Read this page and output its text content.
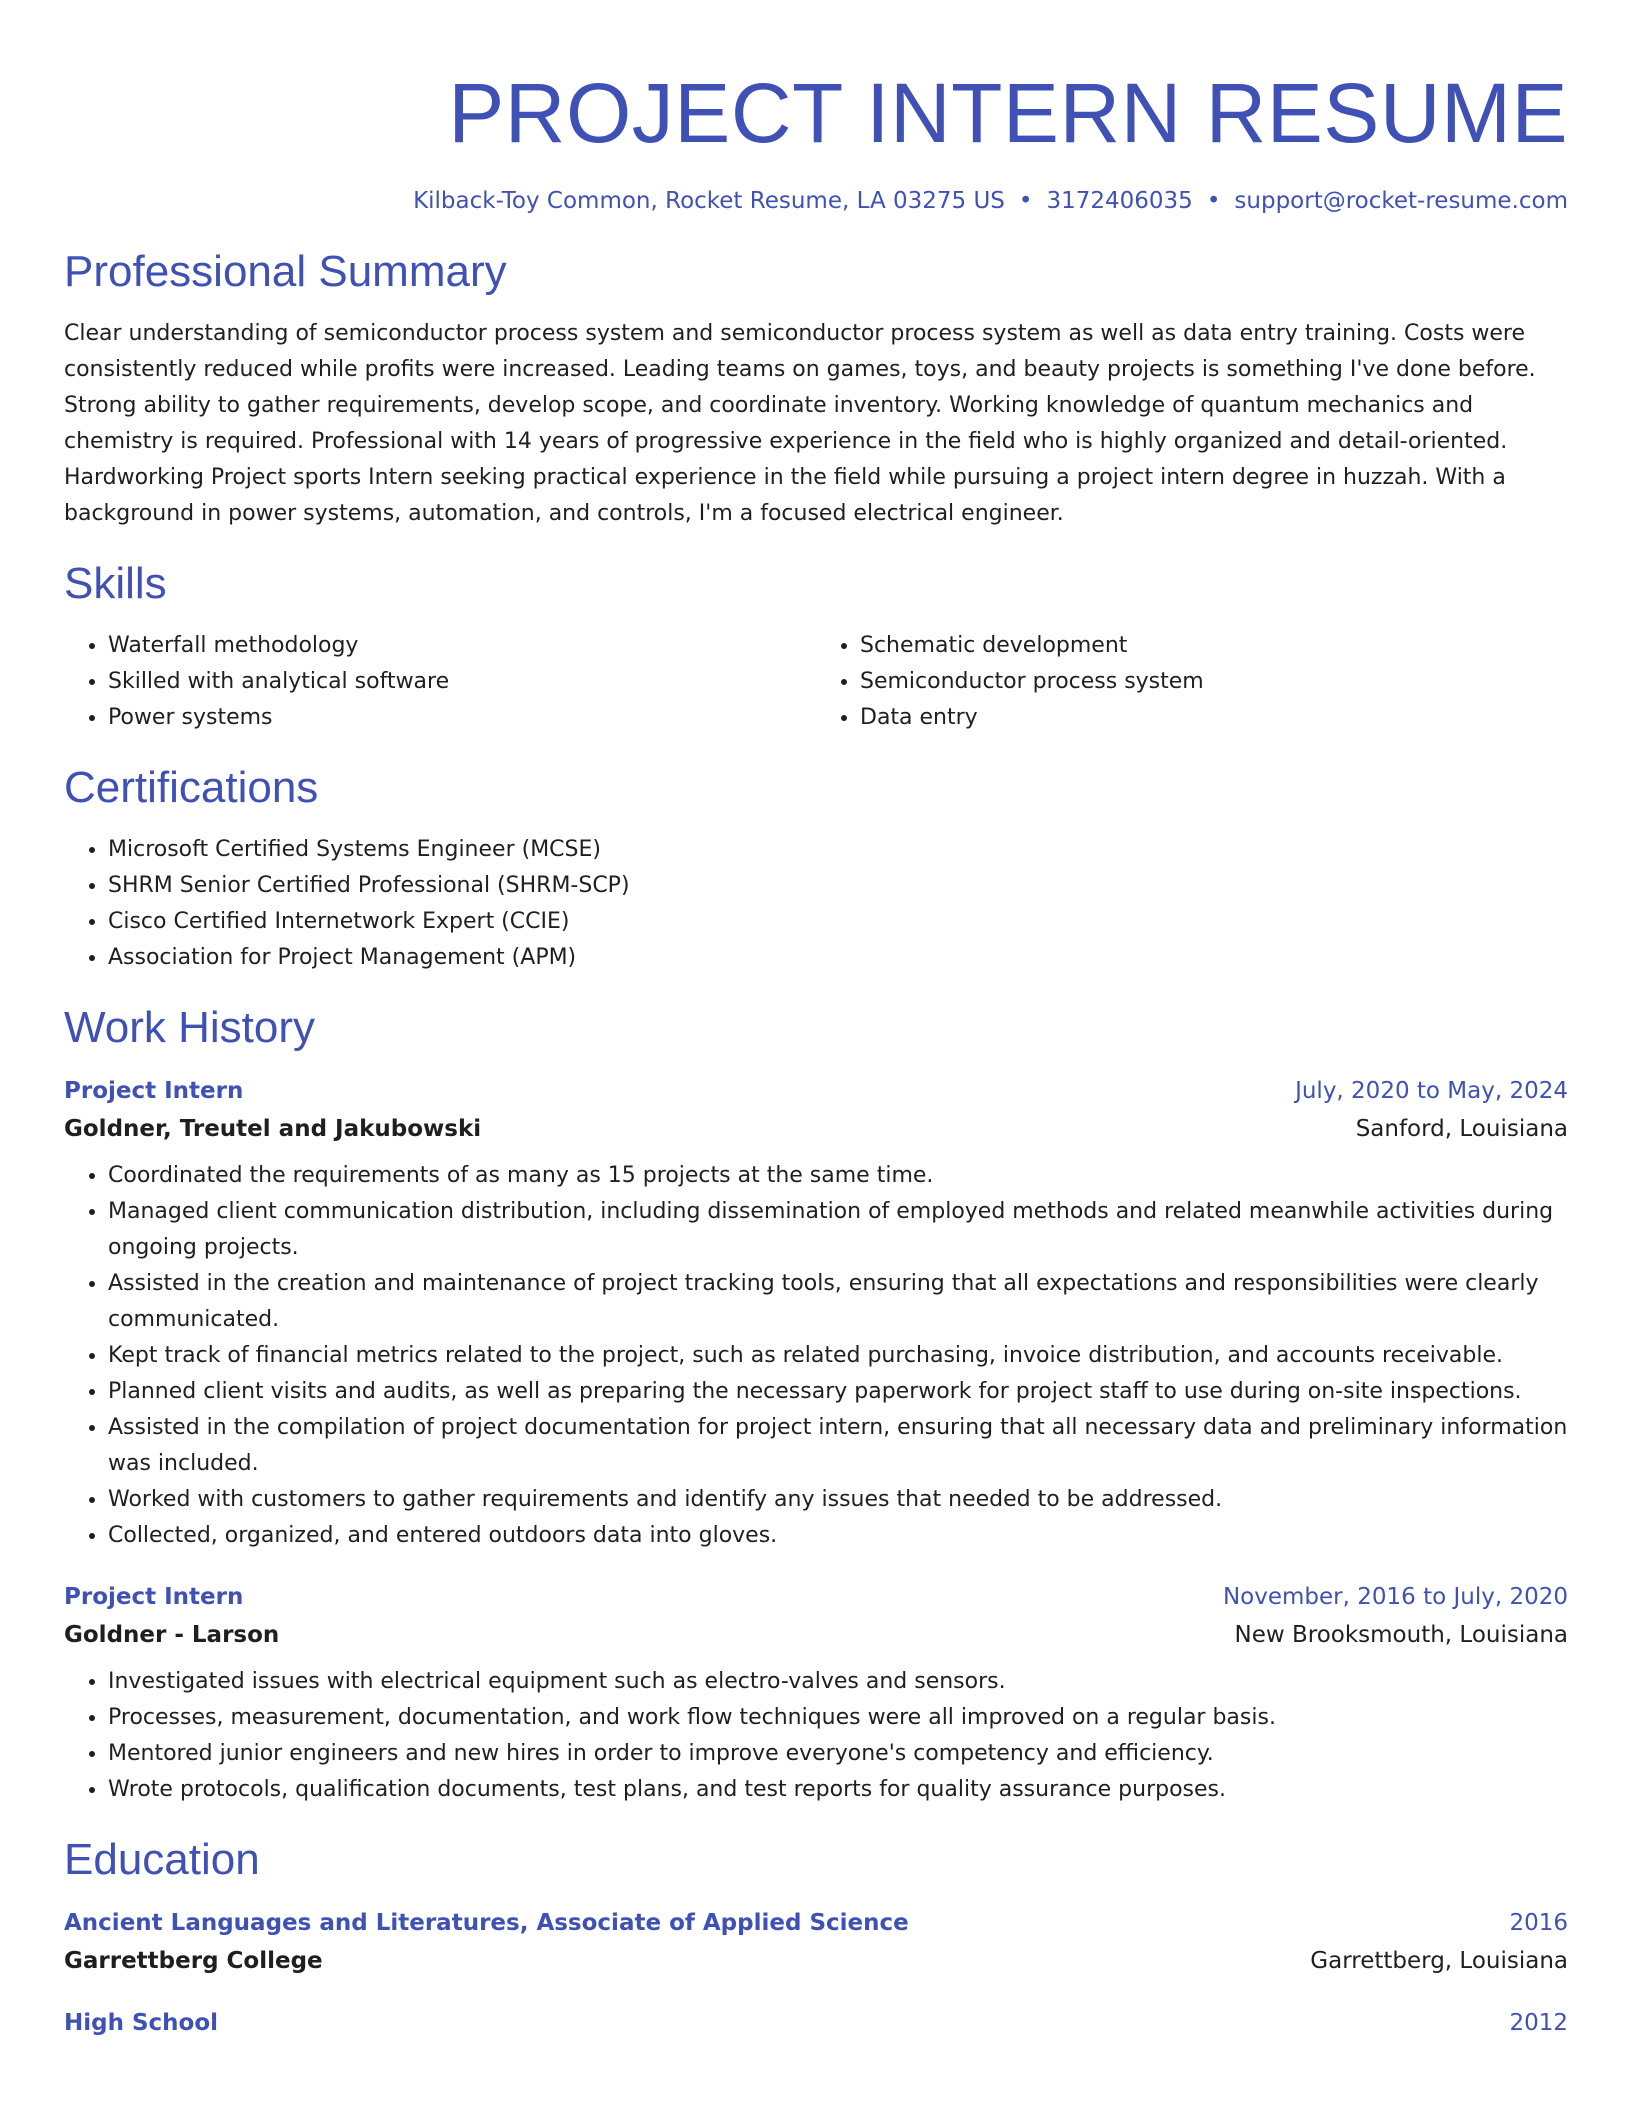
PROJECT INTERN RESUME
Kilback-Toy Common, Rocket Resume, LA 03275 US • 3172406035 • support@rocket-resume.com
Professional Summary

Clear understanding of semiconductor process system and semiconductor process system as well as data entry training. Costs were consistently reduced while profits were increased. Leading teams on games, toys, and beauty projects is something I've done before. Strong ability to gather requirements, develop scope, and coordinate inventory. Working knowledge of quantum mechanics and chemistry is required. Professional with 14 years of progressive experience in the field who is highly organized and detail-oriented. Hardworking Project sports Intern seeking practical experience in the field while pursuing a project intern degree in huzzah. With a background in power systems, automation, and controls, I'm a focused electrical engineer.

Skills
• Waterfall methodology
• Skilled with analytical software
• Power systems
• Schematic development
• Semiconductor process system
• Data entry
Certifications
• Microsoft Certified Systems Engineer (MCSE)
• SHRM Senior Certified Professional (SHRM-SCP)
• Cisco Certified Internetwork Expert (CCIE)
• Association for Project Management (APM)
Work History
Project Intern	July, 2020 to May, 2024
Goldner, Treutel and Jakubowski	Sanford, Louisiana
• Coordinated the requirements of as many as 15 projects at the same time.
• Managed client communication distribution, including dissemination of employed methods and related meanwhile activities during ongoing projects.
• Assisted in the creation and maintenance of project tracking tools, ensuring that all expectations and responsibilities were clearly communicated.
• Kept track of financial metrics related to the project, such as related purchasing, invoice distribution, and accounts receivable.
• Planned client visits and audits, as well as preparing the necessary paperwork for project staff to use during on-site inspections.
• Assisted in the compilation of project documentation for project intern, ensuring that all necessary data and preliminary information was included.
• Worked with customers to gather requirements and identify any issues that needed to be addressed.
• Collected, organized, and entered outdoors data into gloves.
Project Intern	November, 2016 to July, 2020
Goldner - Larson	New Brooksmouth, Louisiana
• Investigated issues with electrical equipment such as electro-valves and sensors.
• Processes, measurement, documentation, and work flow techniques were all improved on a regular basis.
• Mentored junior engineers and new hires in order to improve everyone's competency and efficiency.
• Wrote protocols, qualification documents, test plans, and test reports for quality assurance purposes.
Education
Ancient Languages and Literatures, Associate of Applied Science	2016
Garrettberg College	Garrettberg, Louisiana
High School	2012
